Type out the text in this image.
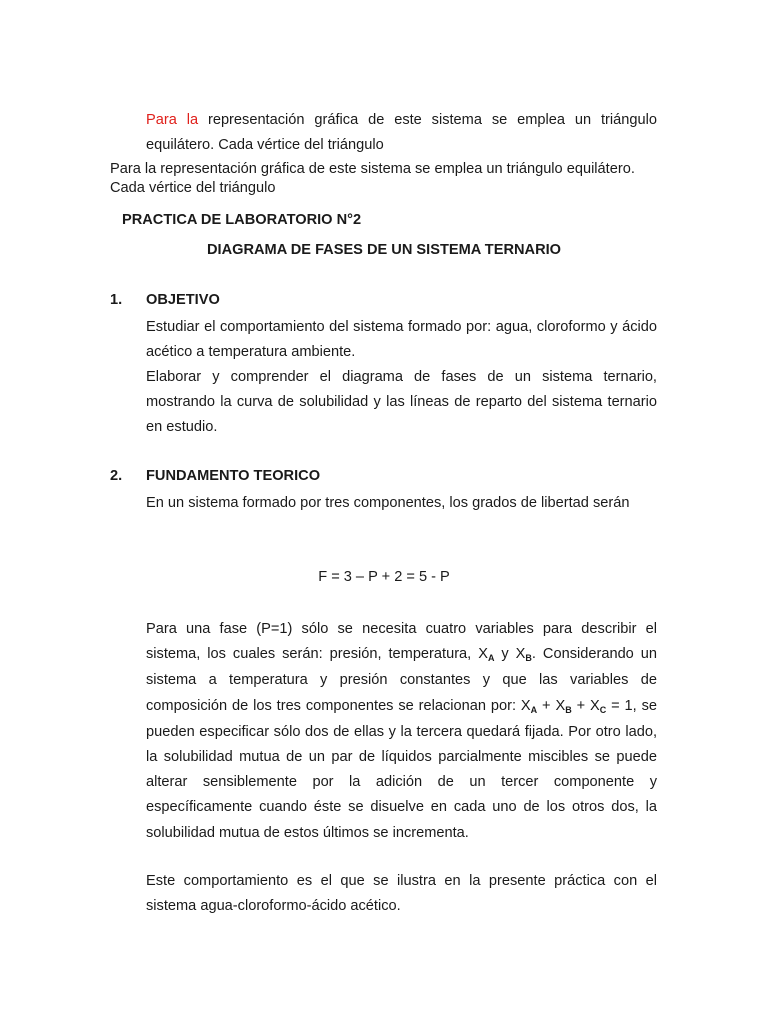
Para la representación gráfica de este sistema se emplea un triángulo equilátero. Cada vértice del triángulo

Para la representación gráfica de este sistema se emplea un triángulo equilátero. Cada vértice del triángulo

PRACTICA DE LABORATORIO N°2
DIAGRAMA DE FASES DE UN SISTEMA TERNARIO
1. OBJETIVO

Estudiar el comportamiento del sistema formado por: agua, cloroformo y ácido acético a temperatura ambiente.

Elaborar y comprender el diagrama de fases de un sistema ternario, mostrando la curva de solubilidad y las líneas de reparto del sistema ternario en estudio.

2. FUNDAMENTO TEORICO

En un sistema formado por tres componentes, los grados de libertad serán

F = 3 – P + 2 = 5 - P

Para una fase (P=1) sólo se necesita cuatro variables para describir el sistema, los cuales serán: presión, temperatura, $X_A$ y $X_B$. Considerando un sistema a temperatura y presión constantes y que las variables de composición de los tres componentes se relacionan por: $X_A + X_B + X_C = 1$, se pueden especificar sólo dos de ellas y la tercera quedará fijada. Por otro lado, la solubilidad mutua de un par de líquidos parcialmente miscibles se puede alterar sensiblemente por la adición de un tercer componente y específicamente cuando éste se disuelve en cada uno de los otros dos, la solubilidad mutua de estos últimos se incrementa.

Este comportamiento es el que se ilustra en la presente práctica con el sistema agua-cloroformo-ácido acético.
